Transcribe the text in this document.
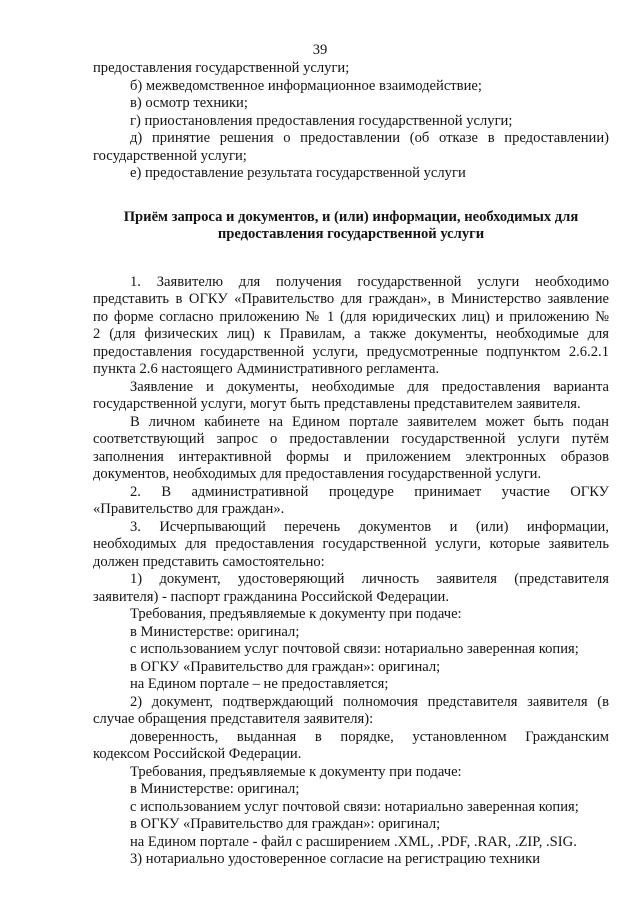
39

предоставления государственной услуги;

б) межведомственное информационное взаимодействие;

в) осмотр техники;

г) приостановления предоставления государственной услуги;

д) принятие решения о предоставлении (об отказе в предоставлении)

государственной услуги;

е) предоставление результата государственной услуги

Приём запроса и документов, и (или) информации, необходимых для
предоставления государственной услуги

1. Заявителю для получения государственной услуги необходимо

представить в ОГКУ «Правительство для граждан», в Министерство заявление

по форме согласно приложению № 1 (для юридических лиц) и приложению №

2 (для физических лиц) к Правилам, а также документы, необходимые для

предоставления государственной услуги, предусмотренные подпунктом 2.6.2.1

пункта 2.6 настоящего Административного регламента.

Заявление и документы, необходимые для предоставления варианта

государственной услуги, могут быть представлены представителем заявителя.

В личном кабинете на Едином портале заявителем может быть подан

соответствующий запрос о предоставлении государственной услуги путём

заполнения интерактивной формы и приложением электронных образов

документов, необходимых для предоставления государственной услуги.

2. В административной процедуре принимает участие ОГКУ

«Правительство для граждан».

3. Исчерпывающий перечень документов и (или) информации,

необходимых для предоставления государственной услуги, которые заявитель

должен представить самостоятельно:

1) документ, удостоверяющий личность заявителя (представителя

заявителя) - паспорт гражданина Российской Федерации.

Требования, предъявляемые к документу при подаче:

в Министерстве: оригинал;

с использованием услуг почтовой связи: нотариально заверенная копия;

в ОГКУ «Правительство для граждан»: оригинал;

на Едином портале – не предоставляется;

2) документ, подтверждающий полномочия представителя заявителя (в

случае обращения представителя заявителя):

доверенность, выданная в порядке, установленном Гражданским

кодексом Российской Федерации.

Требования, предъявляемые к документу при подаче:

в Министерстве: оригинал;

с использованием услуг почтовой связи: нотариально заверенная копия;

в ОГКУ «Правительство для граждан»: оригинал;

на Едином портале - файл с расширением .XML, .PDF, .RAR, .ZIP, .SIG.

3) нотариально удостоверенное согласие на регистрацию техники
